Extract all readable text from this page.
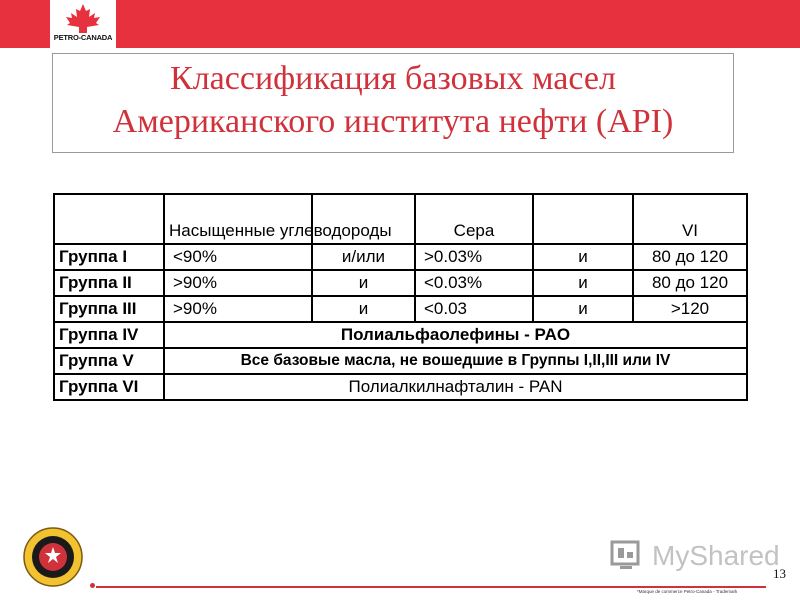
PETRO-CANADA
Классификация базовых масел
Американского института нефти (API)
	Насыщенные углеводороды		Сера		VI
Группа I	<90%	и/или	>0.03%	и	80 до 120
Группа II	>90%	и	<0.03%	и	80 до 120
Группа III	>90%	и	<0.03	и	>120
Группа IV	Полиальфаолефины - PAO				
Группа V	Все базовые масла, не вошедшие в Группы I,II,III или IV				
Группа VI	Полиалкилнафталин - PAN				
MyShared
13
*Marque de commerce Petro-Canada - Trademark
